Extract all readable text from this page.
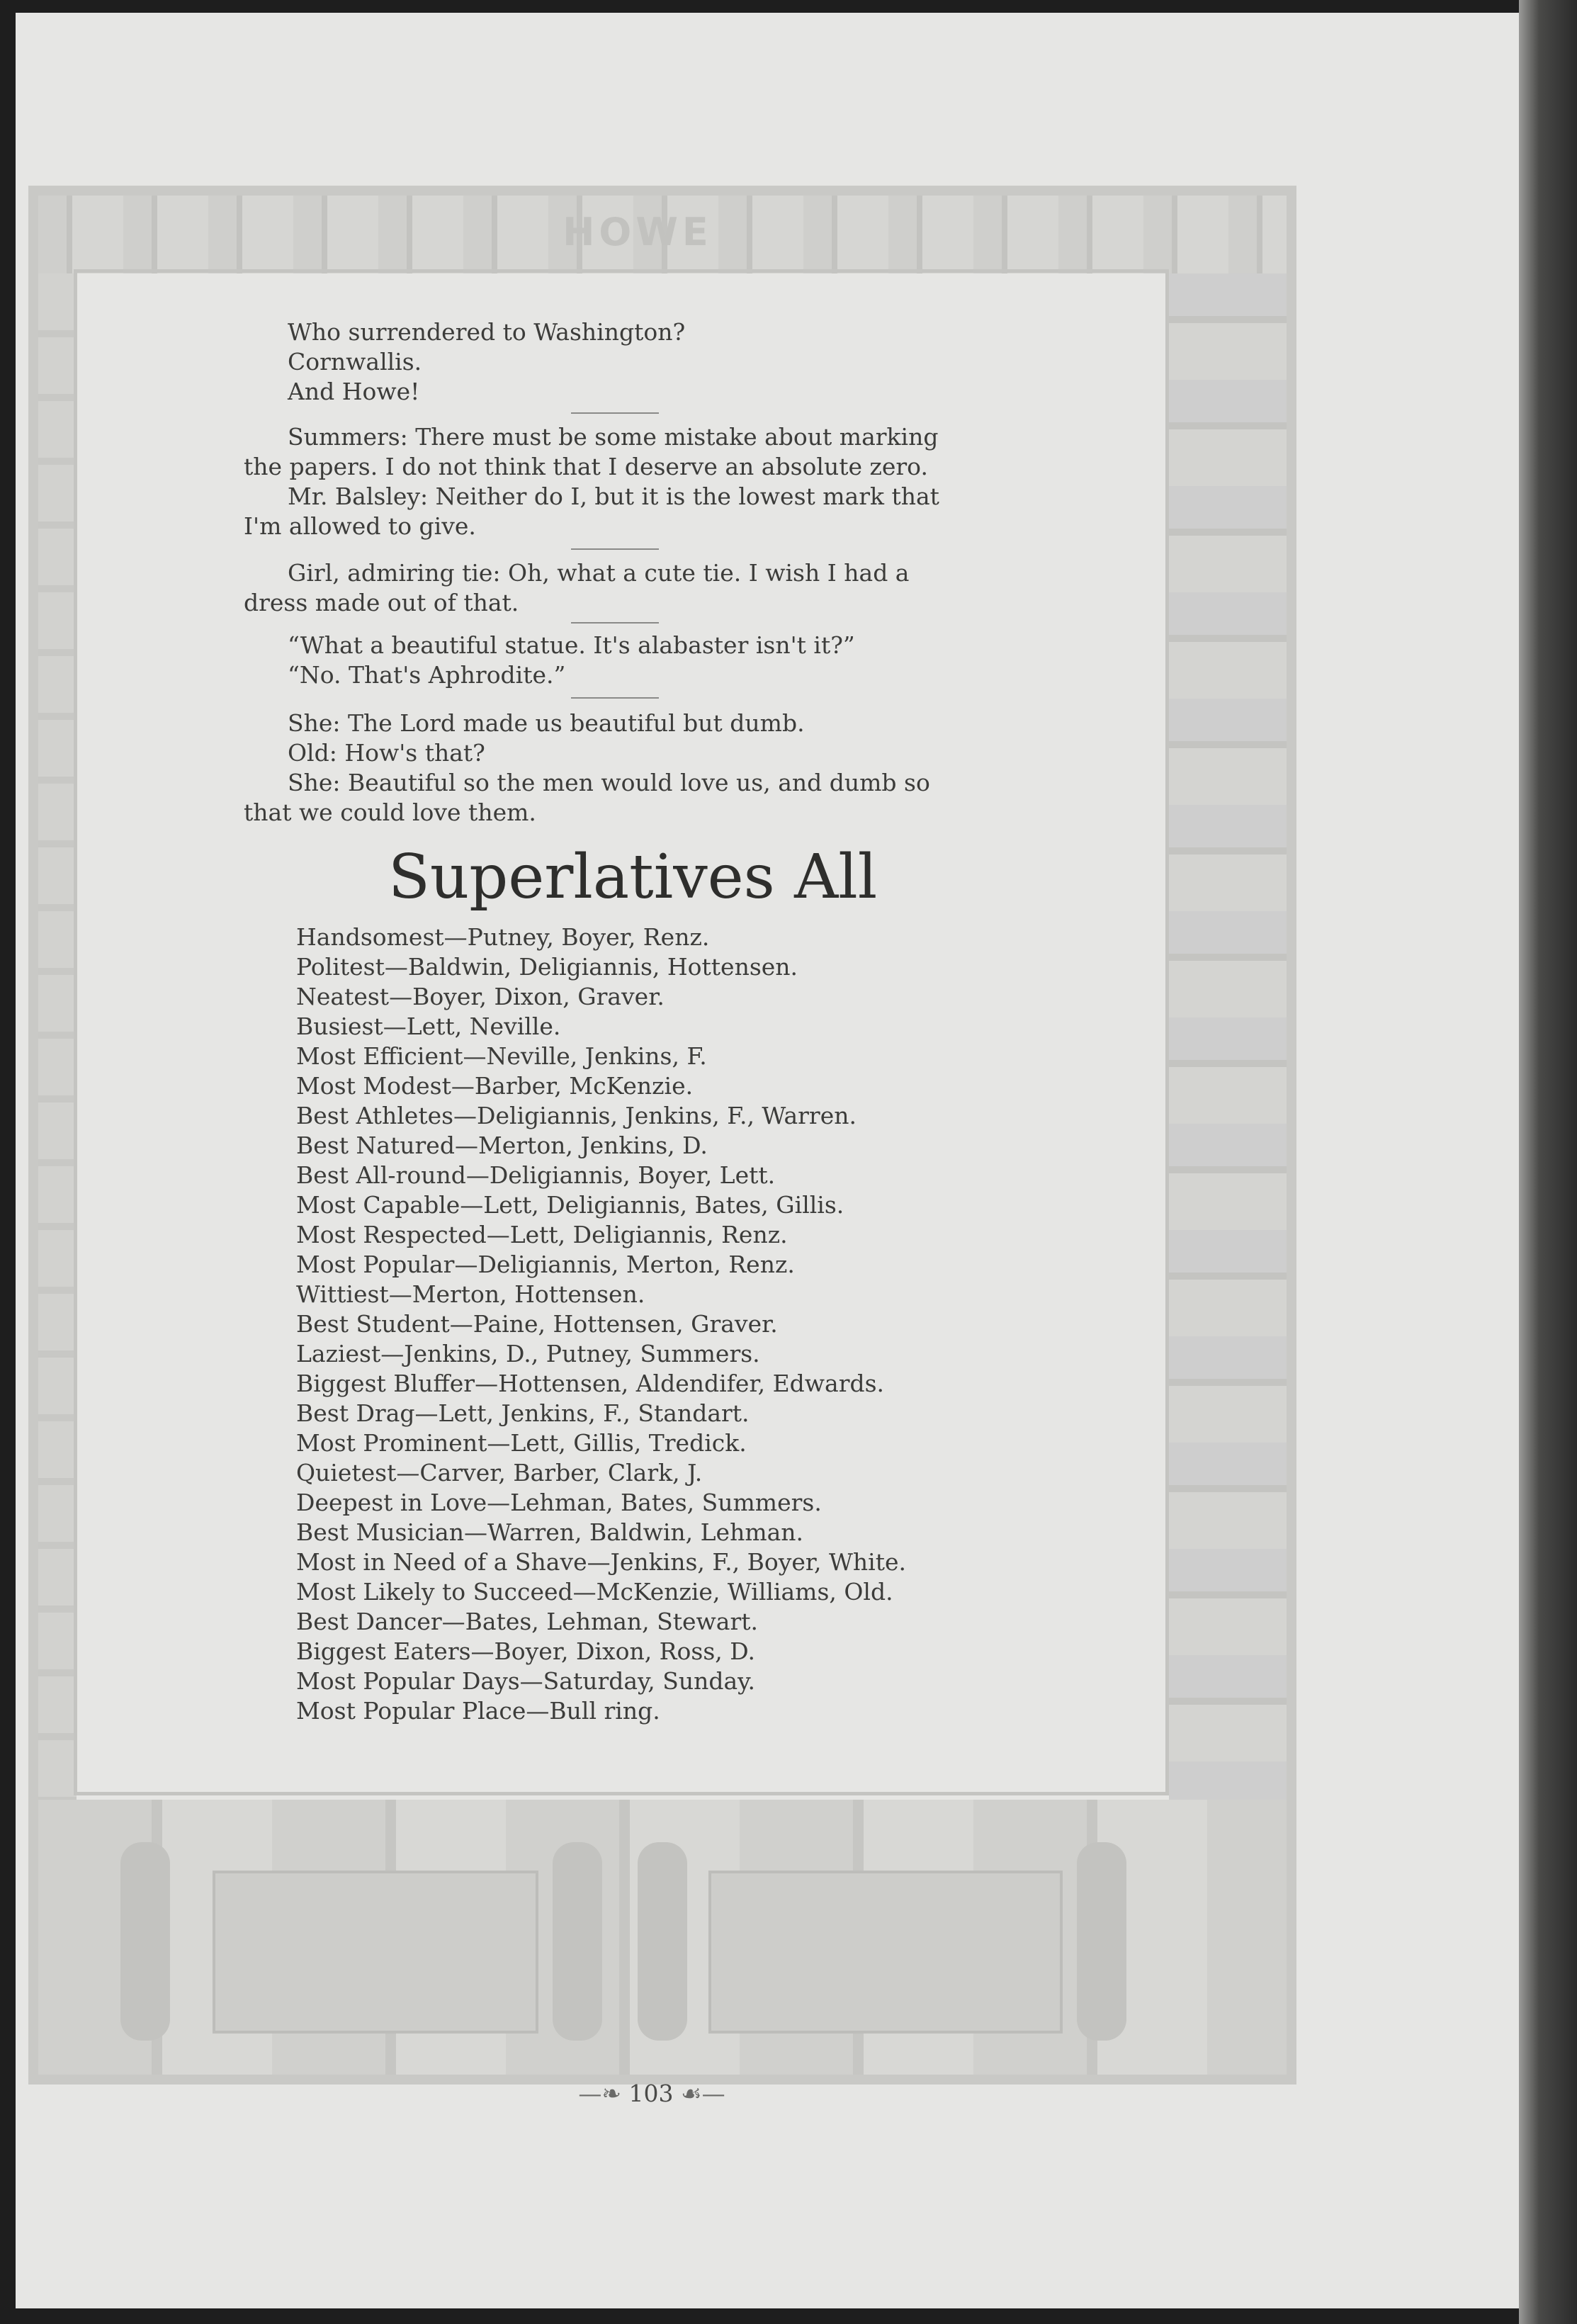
HOWE
Who surrendered to Washington?
Cornwallis.
And Howe!
Summers: There must be some mistake about marking
the papers. I do not think that I deserve an absolute zero.
Mr. Balsley: Neither do I, but it is the lowest mark that
I'm allowed to give.
Girl, admiring tie: Oh, what a cute tie. I wish I had a
dress made out of that.
“What a beautiful statue. It's alabaster isn't it?”
“No. That's Aphrodite.”
She: The Lord made us beautiful but dumb.
Old: How's that?
She: Beautiful so the men would love us, and dumb so
that we could love them.
Superlatives All
Handsomest—Putney, Boyer, Renz.
Politest—Baldwin, Deligiannis, Hottensen.
Neatest—Boyer, Dixon, Graver.
Busiest—Lett, Neville.
Most Efficient—Neville, Jenkins, F.
Most Modest—Barber, McKenzie.
Best Athletes—Deligiannis, Jenkins, F., Warren.
Best Natured—Merton, Jenkins, D.
Best All-round—Deligiannis, Boyer, Lett.
Most Capable—Lett, Deligiannis, Bates, Gillis.
Most Respected—Lett, Deligiannis, Renz.
Most Popular—Deligiannis, Merton, Renz.
Wittiest—Merton, Hottensen.
Best Student—Paine, Hottensen, Graver.
Laziest—Jenkins, D., Putney, Summers.
Biggest Bluffer—Hottensen, Aldendifer, Edwards.
Best Drag—Lett, Jenkins, F., Standart.
Most Prominent—Lett, Gillis, Tredick.
Quietest—Carver, Barber, Clark, J.
Deepest in Love—Lehman, Bates, Summers.
Best Musician—Warren, Baldwin, Lehman.
Most in Need of a Shave—Jenkins, F., Boyer, White.
Most Likely to Succeed—McKenzie, Williams, Old.
Best Dancer—Bates, Lehman, Stewart.
Biggest Eaters—Boyer, Dixon, Ross, D.
Most Popular Days—Saturday, Sunday.
Most Popular Place—Bull ring.
—❧ 103 ☙—
